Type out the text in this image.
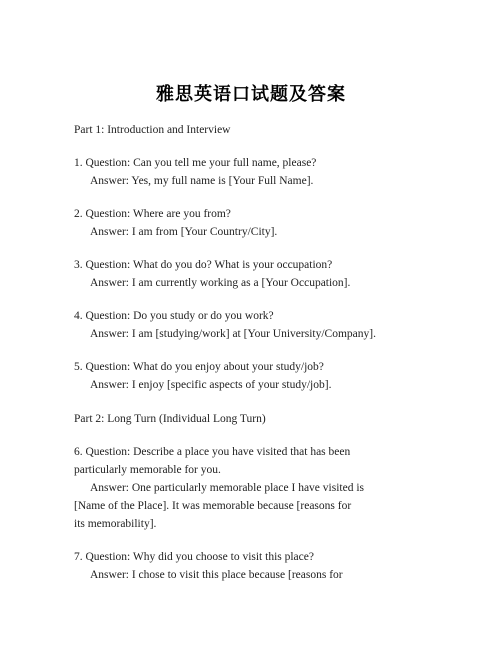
雅思英语口试题及答案
Part 1: Introduction and Interview
1. Question: Can you tell me your full name, please?
Answer: Yes, my full name is [Your Full Name].
2. Question: Where are you from?
Answer: I am from [Your Country/City].
3. Question: What do you do? What is your occupation?
Answer: I am currently working as a [Your Occupation].
4. Question: Do you study or do you work?
Answer: I am [studying/work] at [Your University/Company].
5. Question: What do you enjoy about your study/job?
Answer: I enjoy [specific aspects of your study/job].
Part 2: Long Turn (Individual Long Turn)
6. Question: Describe a place you have visited that has been
particularly memorable for you.
Answer: One particularly memorable place I have visited is
[Name of the Place]. It was memorable because [reasons for
its memorability].
7. Question: Why did you choose to visit this place?
Answer: I chose to visit this place because [reasons for
